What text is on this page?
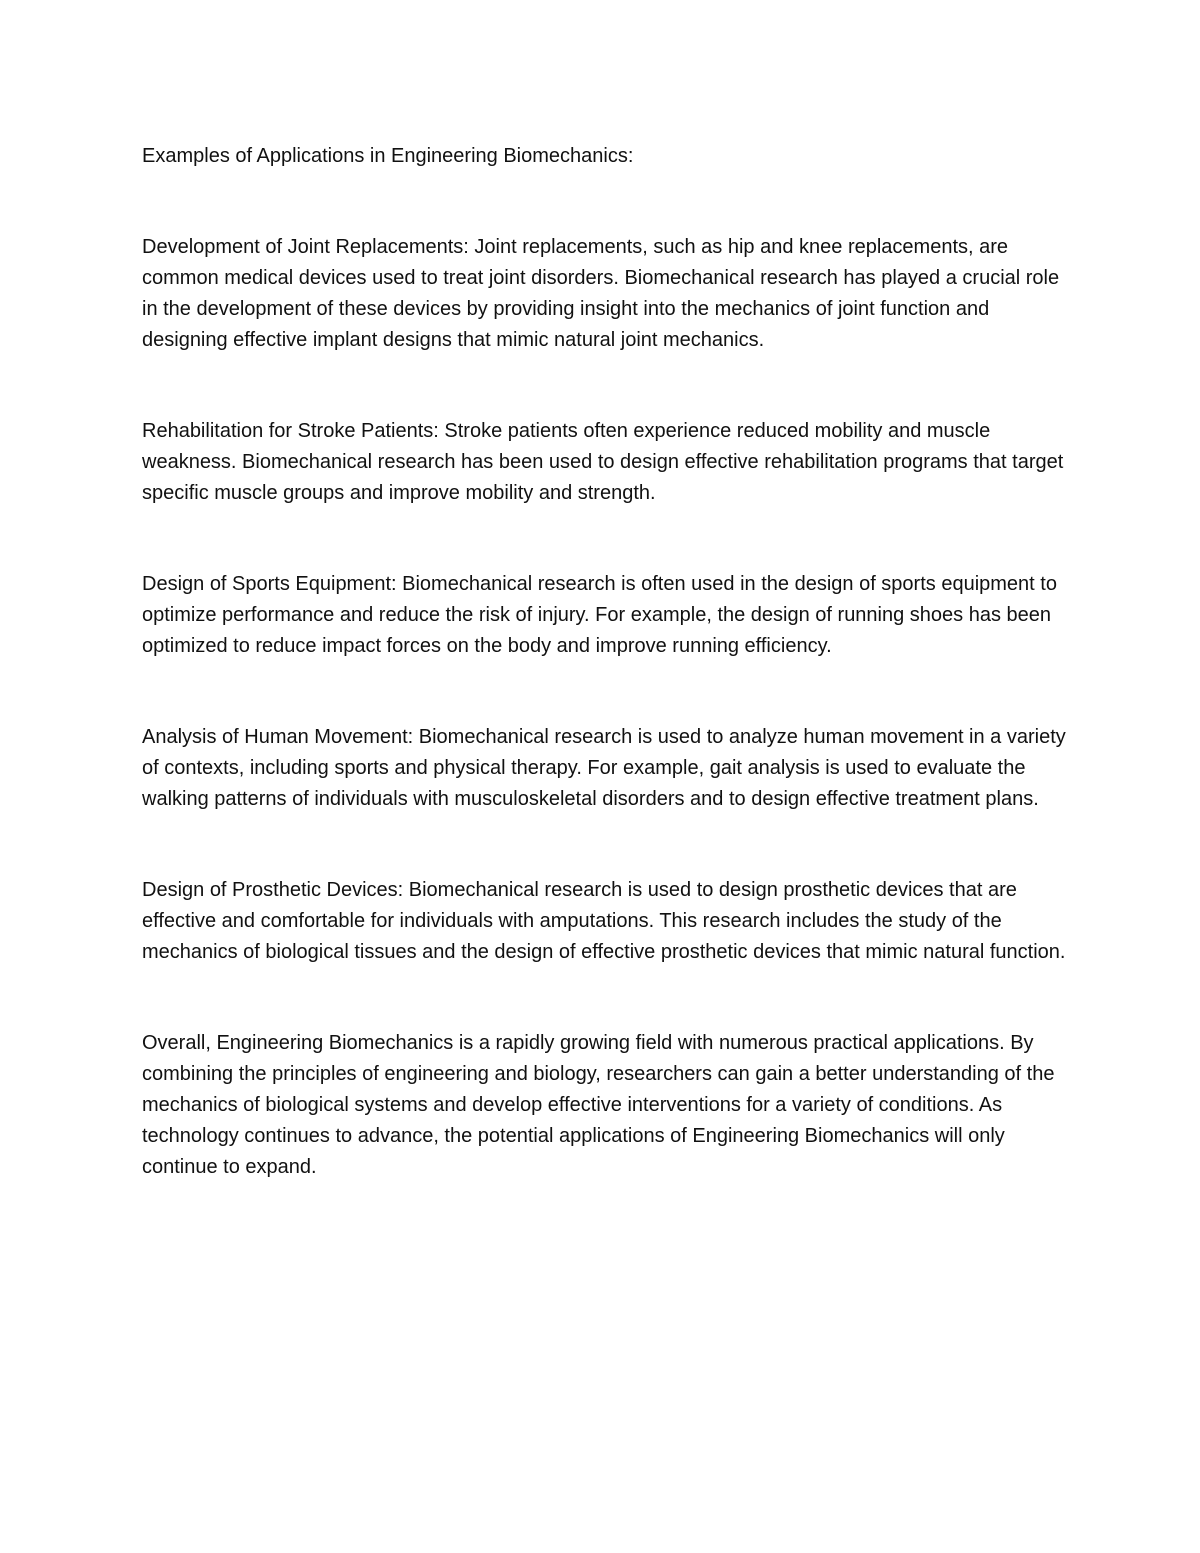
Examples of Applications in Engineering Biomechanics:

Development of Joint Replacements: Joint replacements, such as hip and knee replacements, are common medical devices used to treat joint disorders. Biomechanical research has played a crucial role in the development of these devices by providing insight into the mechanics of joint function and designing effective implant designs that mimic natural joint mechanics.

Rehabilitation for Stroke Patients: Stroke patients often experience reduced mobility and muscle weakness. Biomechanical research has been used to design effective rehabilitation programs that target specific muscle groups and improve mobility and strength.

Design of Sports Equipment: Biomechanical research is often used in the design of sports equipment to optimize performance and reduce the risk of injury. For example, the design of running shoes has been optimized to reduce impact forces on the body and improve running efficiency.

Analysis of Human Movement: Biomechanical research is used to analyze human movement in a variety of contexts, including sports and physical therapy. For example, gait analysis is used to evaluate the walking patterns of individuals with musculoskeletal disorders and to design effective treatment plans.

Design of Prosthetic Devices: Biomechanical research is used to design prosthetic devices that are effective and comfortable for individuals with amputations. This research includes the study of the mechanics of biological tissues and the design of effective prosthetic devices that mimic natural function.

Overall, Engineering Biomechanics is a rapidly growing field with numerous practical applications. By combining the principles of engineering and biology, researchers can gain a better understanding of the mechanics of biological systems and develop effective interventions for a variety of conditions. As technology continues to advance, the potential applications of Engineering Biomechanics will only continue to expand.
